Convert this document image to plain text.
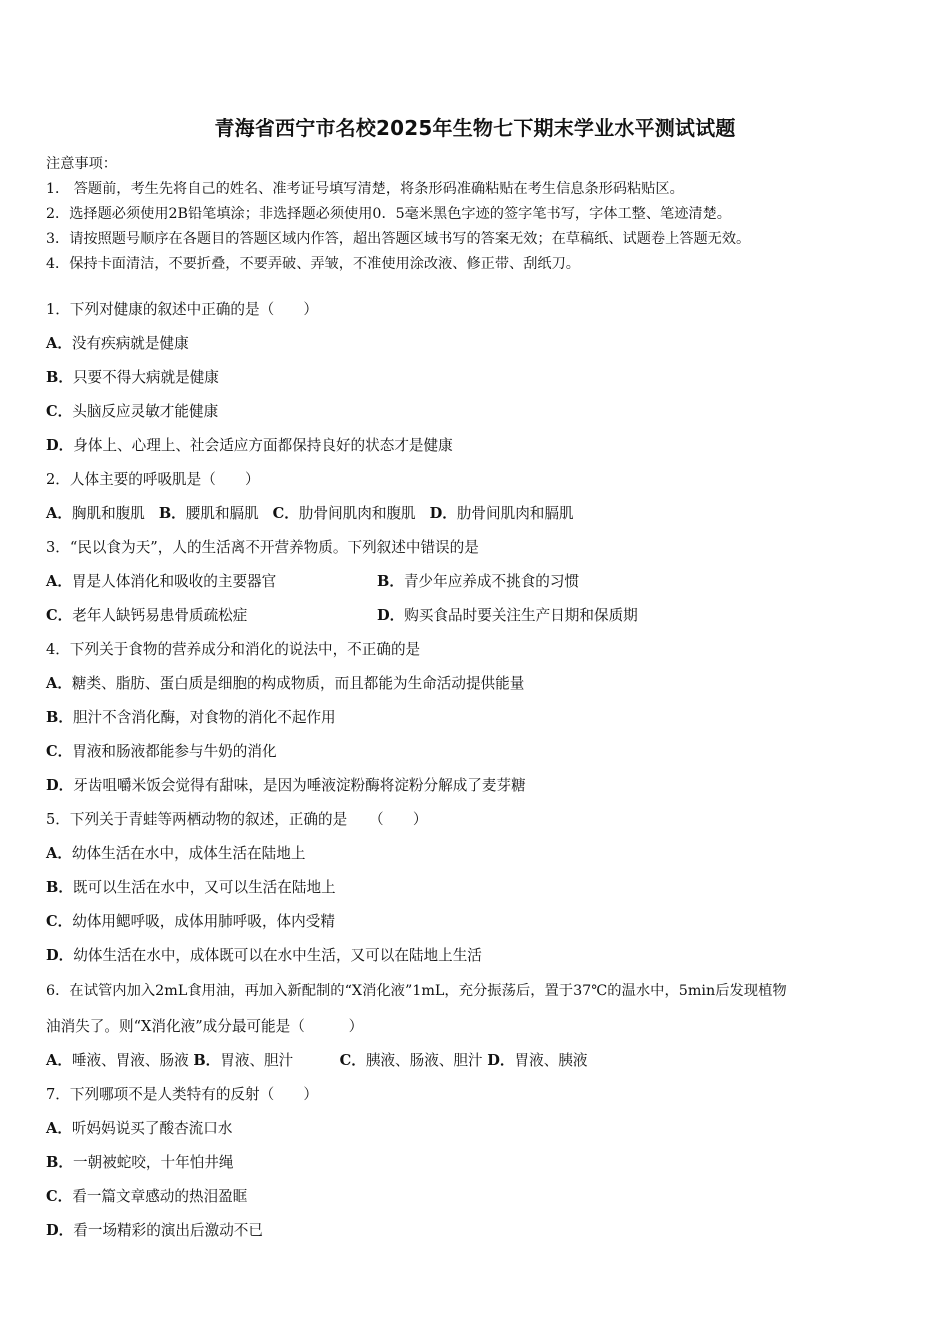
青海省西宁市名校2025年生物七下期末学业水平测试试题
注意事项：
1． 答题前，考生先将自己的姓名、准考证号填写清楚，将条形码准确粘贴在考生信息条形码粘贴区。
2．选择题必须使用2B铅笔填涂；非选择题必须使用0．5毫米黑色字迹的签字笔书写，字体工整、笔迹清楚。
3．请按照题号顺序在各题目的答题区域内作答，超出答题区域书写的答案无效；在草稿纸、试题卷上答题无效。
4．保持卡面清洁，不要折叠，不要弄破、弄皱，不准使用涂改液、修正带、刮纸刀。
1．下列对健康的叙述中正确的是（　　）
A．没有疾病就是健康
B．只要不得大病就是健康
C．头脑反应灵敏才能健康
D．身体上、心理上、社会适应方面都保持良好的状态才是健康
2．人体主要的呼吸肌是（　　）
A．胸肌和腹肌 B．腰肌和膈肌 C．肋骨间肌肉和腹肌 D．肋骨间肌肉和膈肌
3．“民以食为天”，人的生活离不开营养物质。下列叙述中错误的是
A．胃是人体消化和吸收的主要器官	B．青少年应养成不挑食的习惯
C．老年人缺钙易患骨质疏松症	D．购买食品时要关注生产日期和保质期
4．下列关于食物的营养成分和消化的说法中，不正确的是
A．糖类、脂肪、蛋白质是细胞的构成物质，而且都能为生命活动提供能量
B．胆汁不含消化酶，对食物的消化不起作用
C．胃液和肠液都能参与牛奶的消化
D．牙齿咀嚼米饭会觉得有甜味，是因为唾液淀粉酶将淀粉分解成了麦芽糖
5．下列关于青蛙等两栖动物的叙述，正确的是　　（　　）
A．幼体生活在水中，成体生活在陆地上
B．既可以生活在水中，又可以生活在陆地上
C．幼体用鳃呼吸，成体用肺呼吸，体内受精
D．幼体生活在水中，成体既可以在水中生活，又可以在陆地上生活
6．在试管内加入2mL食用油，再加入新配制的“X消化液”1mL，充分振荡后，置于37℃的温水中，5min后发现植物
油消失了。则“X消化液”成分最可能是（　　　）
A．唾液、胃液、肠液 B．胃液、胆汁	C．胰液、肠液、胆汁 D．胃液、胰液
7．下列哪项不是人类特有的反射（　　）
A．听妈妈说买了酸杏流口水
B．一朝被蛇咬，十年怕井绳
C．看一篇文章感动的热泪盈眶
D．看一场精彩的演出后激动不已
